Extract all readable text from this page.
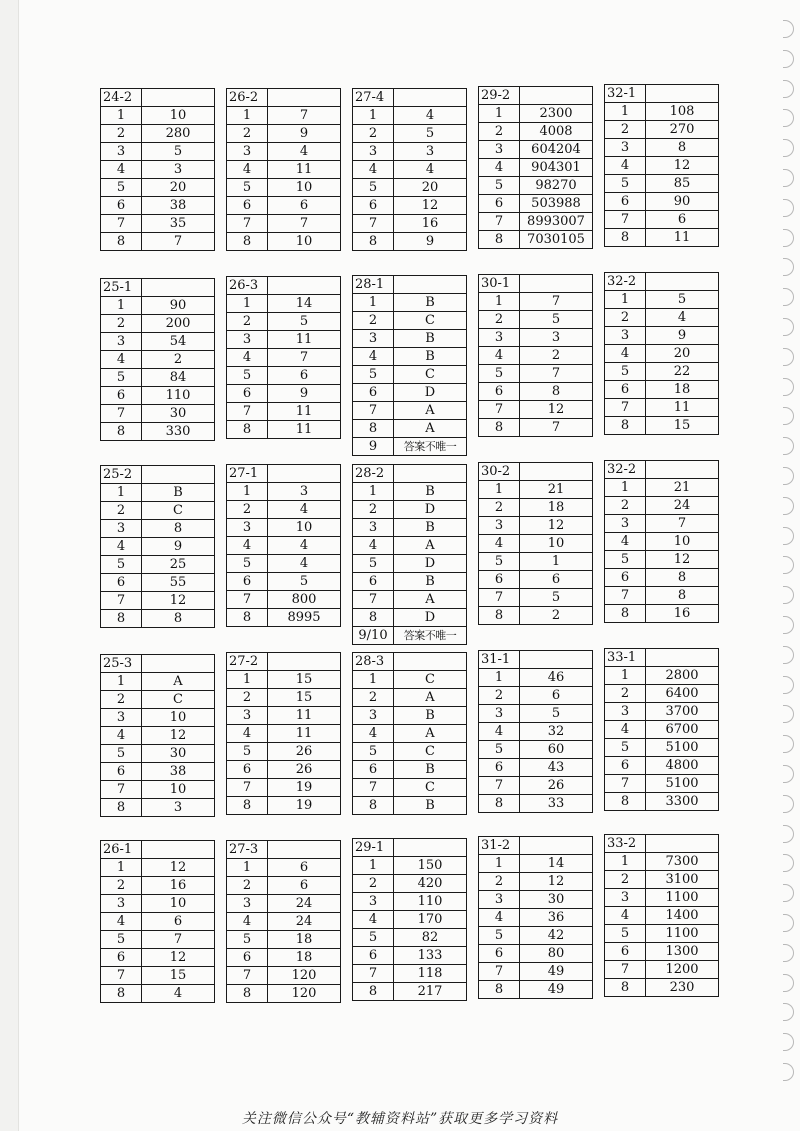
24-2	
1	10
2	280
3	5
4	3
5	20
6	38
7	35
8	7
26-2	
1	7
2	9
3	4
4	11
5	10
6	6
7	7
8	10
27-4	
1	4
2	5
3	3
4	4
5	20
6	12
7	16
8	9
29-2	
1	2300
2	4008
3	604204
4	904301
5	98270
6	503988
7	8993007
8	7030105
32-1	
1	108
2	270
3	8
4	12
5	85
6	90
7	6
8	11
25-1	
1	90
2	200
3	54
4	2
5	84
6	110
7	30
8	330
26-3	
1	14
2	5
3	11
4	7
5	6
6	9
7	11
8	11
28-1	
1	B
2	C
3	B
4	B
5	C
6	D
7	A
8	A
9	答案不唯一
30-1	
1	7
2	5
3	3
4	2
5	7
6	8
7	12
8	7
32-2	
1	5
2	4
3	9
4	20
5	22
6	18
7	11
8	15
25-2	
1	B
2	C
3	8
4	9
5	25
6	55
7	12
8	8
27-1	
1	3
2	4
3	10
4	4
5	4
6	5
7	800
8	8995
28-2	
1	B
2	D
3	B
4	A
5	D
6	B
7	A
8	D
9/10	答案不唯一
30-2	
1	21
2	18
3	12
4	10
5	1
6	6
7	5
8	2
32-2	
1	21
2	24
3	7
4	10
5	12
6	8
7	8
8	16
25-3	
1	A
2	C
3	10
4	12
5	30
6	38
7	10
8	3
27-2	
1	15
2	15
3	11
4	11
5	26
6	26
7	19
8	19
28-3	
1	C
2	A
3	B
4	A
5	C
6	B
7	C
8	B
31-1	
1	46
2	6
3	5
4	32
5	60
6	43
7	26
8	33
33-1	
1	2800
2	6400
3	3700
4	6700
5	5100
6	4800
7	5100
8	3300
26-1	
1	12
2	16
3	10
4	6
5	7
6	12
7	15
8	4
27-3	
1	6
2	6
3	24
4	24
5	18
6	18
7	120
8	120
29-1	
1	150
2	420
3	110
4	170
5	82
6	133
7	118
8	217
31-2	
1	14
2	12
3	30
4	36
5	42
6	80
7	49
8	49
33-2	
1	7300
2	3100
3	1100
4	1400
5	1100
6	1300
7	1200
8	230
关注微信公众号“教辅资料站”获取更多学习资料
